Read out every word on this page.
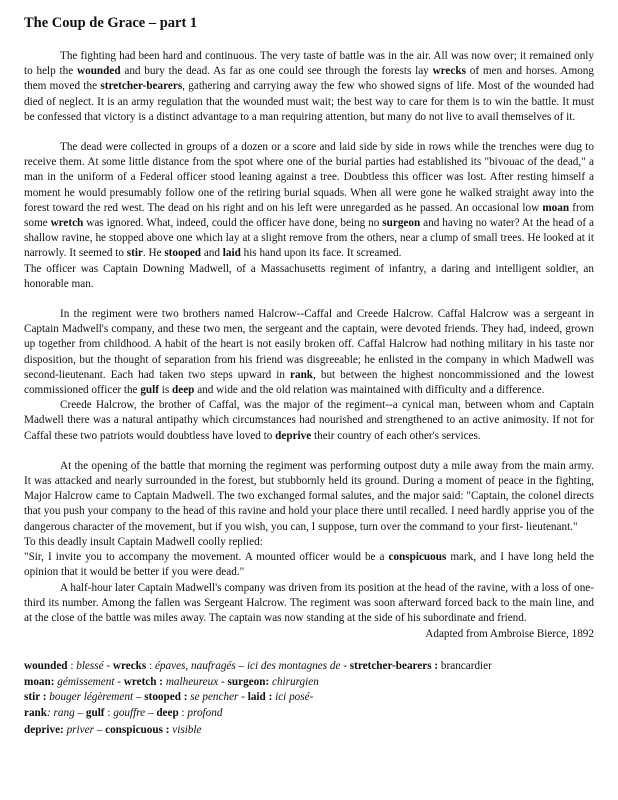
The Coup de Grace – part 1

The fighting had been hard and continuous. The very taste of battle was in the air. All was now over; it remained only to help the wounded and bury the dead. As far as one could see through the forests lay wrecks of men and horses. Among them moved the stretcher-bearers, gathering and carrying away the few who showed signs of life. Most of the wounded had died of neglect. It is an army regulation that the wounded must wait; the best way to care for them is to win the battle. It must be confessed that victory is a distinct advantage to a man requiring attention, but many do not live to avail themselves of it.

The dead were collected in groups of a dozen or a score and laid side by side in rows while the trenches were dug to receive them. At some little distance from the spot where one of the burial parties had established its "bivouac of the dead," a man in the uniform of a Federal officer stood leaning against a tree. Doubtless this officer was lost. After resting himself a moment he would presumably follow one of the retiring burial squads. When all were gone he walked straight away into the forest toward the red west. The dead on his right and on his left were unregarded as he passed. An occasional low moan from some wretch was ignored. What, indeed, could the officer have done, being no surgeon and having no water? At the head of a shallow ravine, he stopped above one which lay at a slight remove from the others, near a clump of small trees. He looked at it narrowly. It seemed to stir. He stooped and laid his hand upon its face. It screamed.

The officer was Captain Downing Madwell, of a Massachusetts regiment of infantry, a daring and intelligent soldier, an honorable man.

In the regiment were two brothers named Halcrow--Caffal and Creede Halcrow. Caffal Halcrow was a sergeant in Captain Madwell's company, and these two men, the sergeant and the captain, were devoted friends. They had, indeed, grown up together from childhood. A habit of the heart is not easily broken off. Caffal Halcrow had nothing military in his taste nor disposition, but the thought of separation from his friend was disgreeable; he enlisted in the company in which Madwell was second-lieutenant. Each had taken two steps upward in rank, but between the highest noncommissioned and the lowest commissioned officer the gulf is deep and wide and the old relation was maintained with difficulty and a difference.

Creede Halcrow, the brother of Caffal, was the major of the regiment--a cynical man, between whom and Captain Madwell there was a natural antipathy which circumstances had nourished and strengthened to an active animosity. If not for Caffal these two patriots would doubtless have loved to deprive their country of each other's services.

At the opening of the battle that morning the regiment was performing outpost duty a mile away from the main army. It was attacked and nearly surrounded in the forest, but stubbornly held its ground. During a moment of peace in the fighting, Major Halcrow came to Captain Madwell. The two exchanged formal salutes, and the major said: "Captain, the colonel directs that you push your company to the head of this ravine and hold your place there until recalled. I need hardly apprise you of the dangerous character of the movement, but if you wish, you can, I suppose, turn over the command to your first- lieutenant."

To this deadly insult Captain Madwell coolly replied:

"Sir, I invite you to accompany the movement. A mounted officer would be a conspicuous mark, and I have long held the opinion that it would be better if you were dead."

A half-hour later Captain Madwell's company was driven from its position at the head of the ravine, with a loss of one-third its number. Among the fallen was Sergeant Halcrow. The regiment was soon afterward forced back to the main line, and at the close of the battle was miles away. The captain was now standing at the side of his subordinate and friend.

Adapted from Ambroise Bierce, 1892
wounded : blessé - wrecks : épaves, naufragés – ici des montagnes de - stretcher-bearers : brancardier
moan: gémissement - wretch : malheureux - surgeon: chirurgien
stir : bouger légèrement – stooped : se pencher - laid : ici posé-
rank: rang – gulf : gouffre – deep : profond
deprive: priver – conspicuous : visible
